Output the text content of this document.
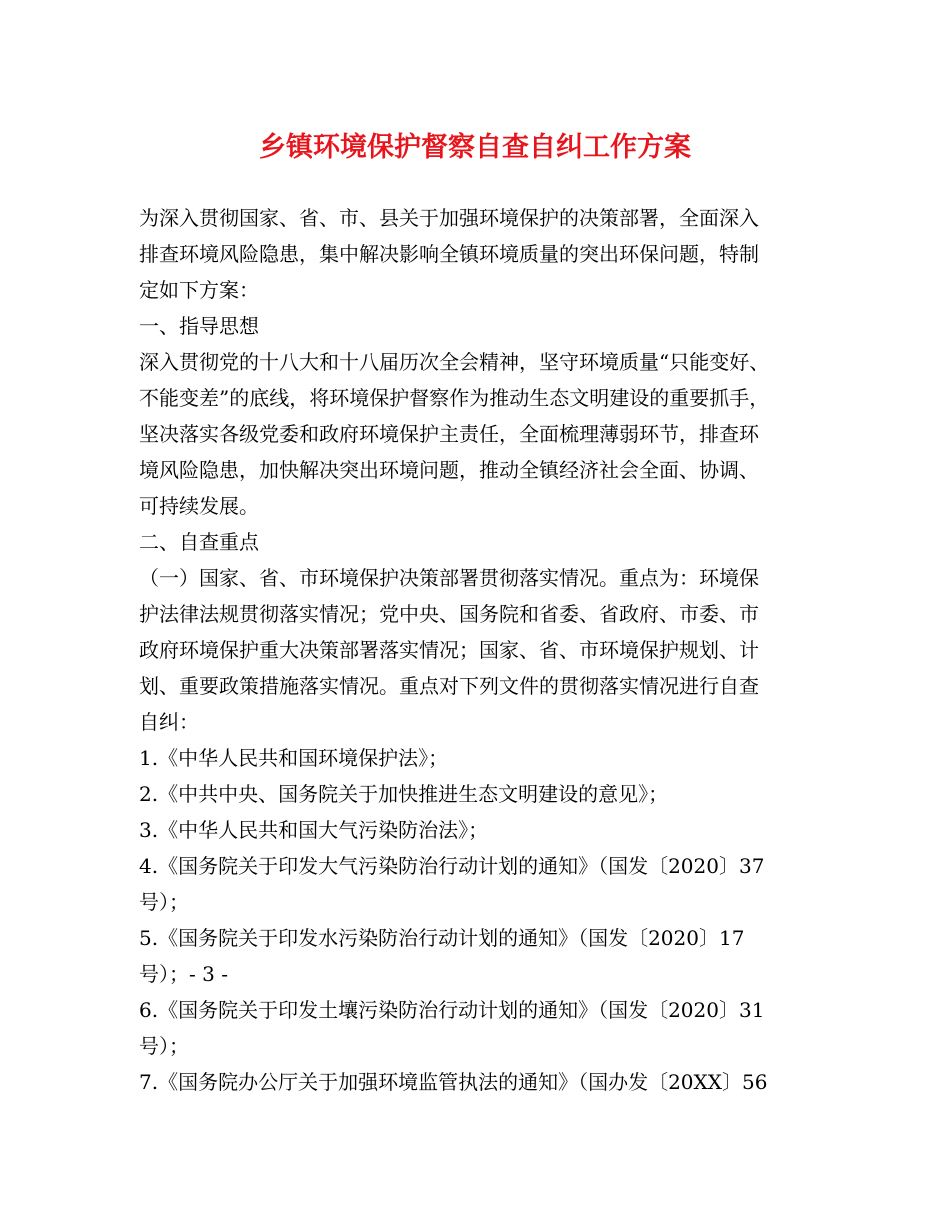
乡镇环境保护督察自查自纠工作方案
为深入贯彻国家、省、市、县关于加强环境保护的决策部署，全面深入
排查环境风险隐患，集中解决影响全镇环境质量的突出环保问题，特制
定如下方案：
一、指导思想
深入贯彻党的十八大和十八届历次全会精神，坚守环境质量“只能变好、
不能变差”的底线，将环境保护督察作为推动生态文明建设的重要抓手，
坚决落实各级党委和政府环境保护主责任，全面梳理薄弱环节，排查环
境风险隐患，加快解决突出环境问题，推动全镇经济社会全面、协调、
可持续发展。
二、自查重点
（一）国家、省、市环境保护决策部署贯彻落实情况。重点为：环境保
护法律法规贯彻落实情况；党中央、国务院和省委、省政府、市委、市
政府环境保护重大决策部署落实情况；国家、省、市环境保护规划、计
划、重要政策措施落实情况。重点对下列文件的贯彻落实情况进行自查
自纠：
1.《中华人民共和国环境保护法》；
2.《中共中央、国务院关于加快推进生态文明建设的意见》；
3.《中华人民共和国大气污染防治法》；
4.《国务院关于印发大气污染防治行动计划的通知》（国发〔2020〕37
号）；
5.《国务院关于印发水污染防治行动计划的通知》（国发〔2020〕17
号）；- 3 -
6.《国务院关于印发土壤污染防治行动计划的通知》（国发〔2020〕31
号）；
7.《国务院办公厅关于加强环境监管执法的通知》（国办发〔20XX〕56
